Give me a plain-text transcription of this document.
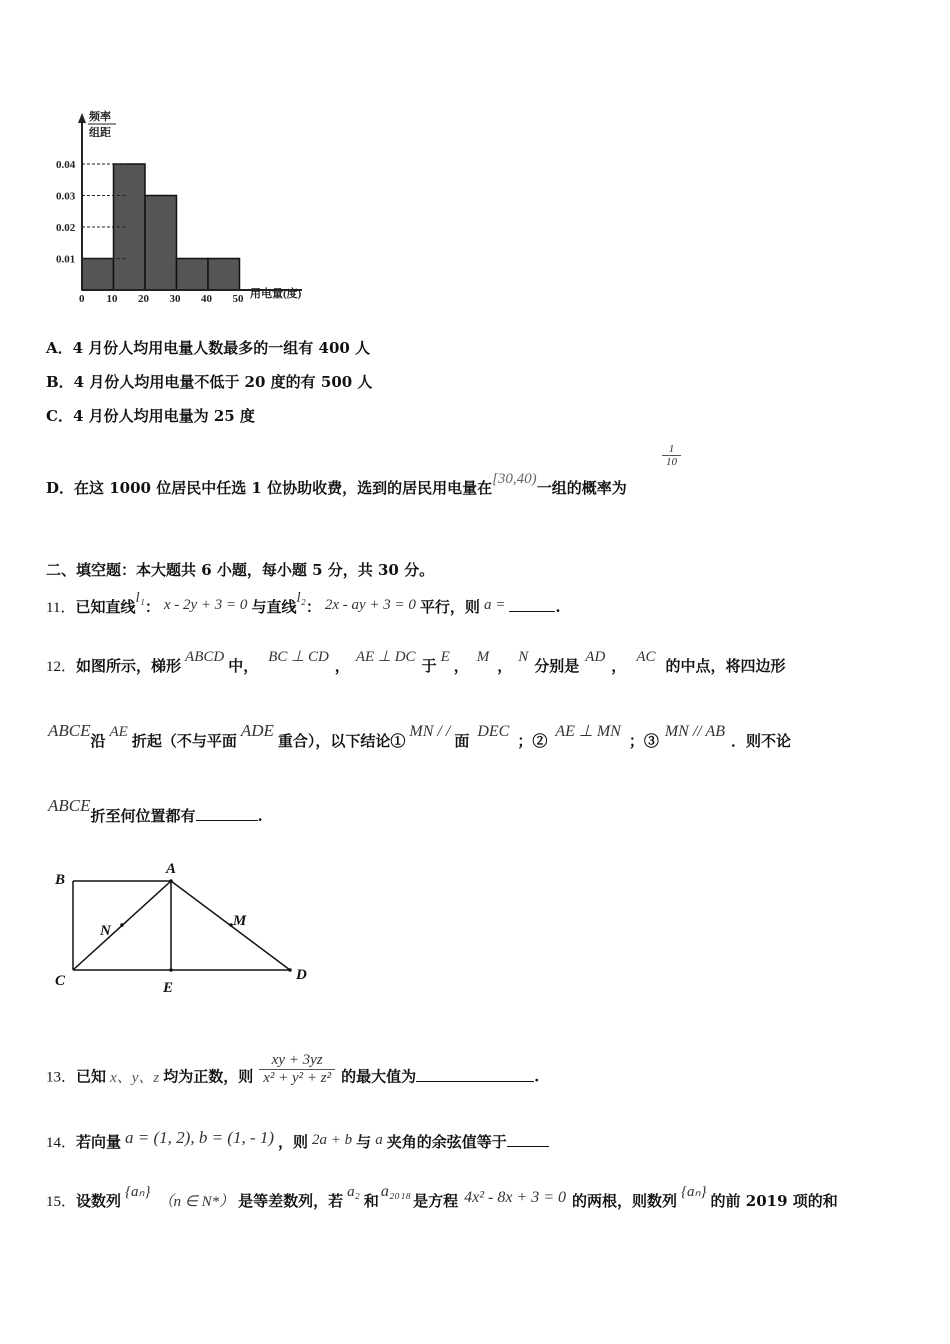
频率
组距
0.01
0.02
0.03
0.04
0 10 20 30 40 50 用电量(度)
A．4 月份人均用电量人数最多的一组有 400 人
B．4 月份人均用电量不低于 20 度的有 500 人
C．4 月份人均用电量为 25 度
D．在这 1000 位居民中任选 1 位协助收费，选到的居民用电量在[30,40)一组的概率为
$\frac{1}{10}$
二、填空题：本大题共 6 小题，每小题 5 分，共 30 分。
11．已知直线l₁： x - 2y + 3 = 0 与直线l₂： 2x - ay + 3 = 0 平行，则 a =	.
12．如图所示，梯形 ABCD 中， BC ⊥ CD ， AE ⊥ DC 于 E ， M ， N 分别是 AD ， AC 的中点，将四边形
ABCE沿 AE 折起（不与平面ADE重合），以下结论①MN / /面DEC；②AE ⊥ MN；③MN // AB．则不论
ABCE折至何位置都有	.
B
A
N
M
C	E
D
13．已知 x、y、z 均为正数，则 $\frac{xy + 3yz}{\text{x² + y² + z²}}$ 的最大值为	.
14．若向量 a = (1, 2), b = (1, - 1) ，则 2a + b 与 a 夹角的余弦值等于
15．设数列 {aₙ}（n ∈ N*） 是等差数列，若 a₂ 和a₂₀₁₈是方程 4x² - 8x + 3 = 0 的两根，则数列 {aₙ} 的前 2019 项的和
